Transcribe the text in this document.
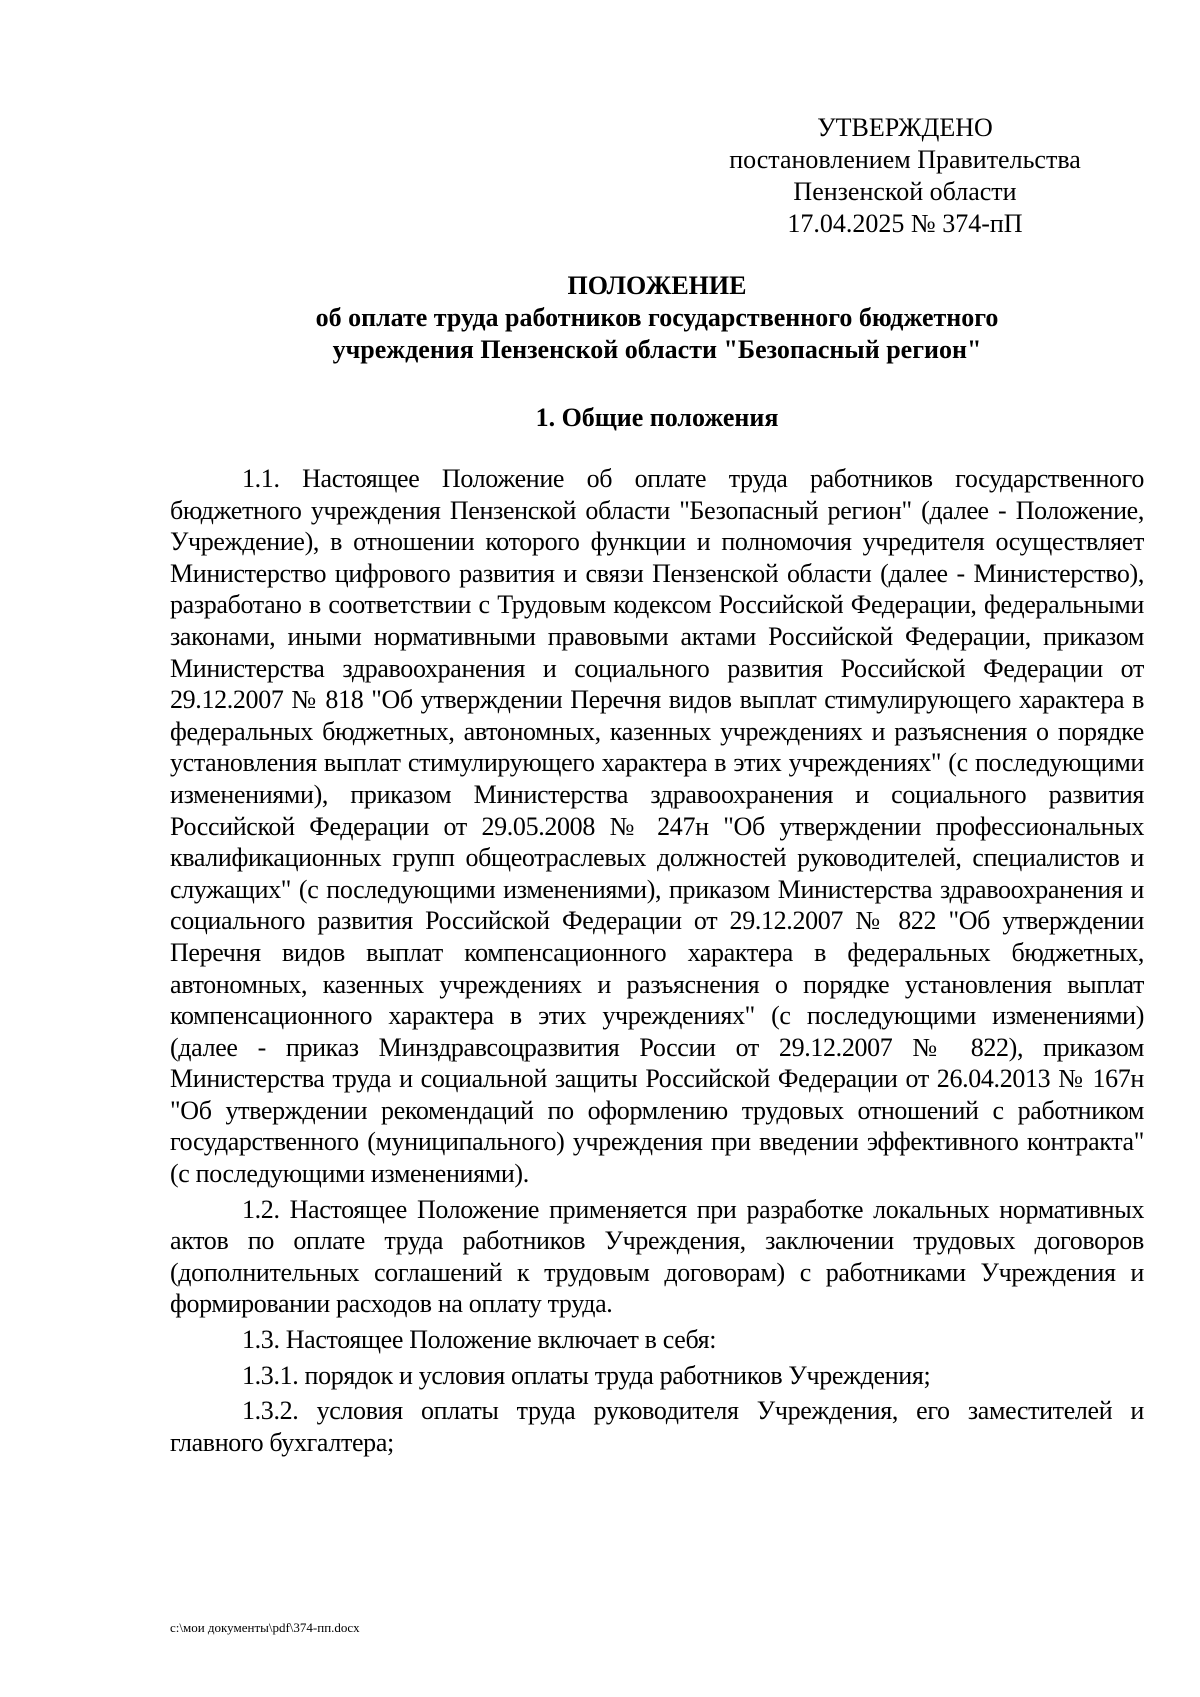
УТВЕРЖДЕНО
постановлением Правительства
Пензенской области
17.04.2025 № 374-пП
ПОЛОЖЕНИЕ
об оплате труда работников государственного бюджетного
учреждения Пензенской области "Безопасный регион"
1. Общие положения

1.1. Настоящее Положение об оплате труда работников государственного бюджетного учреждения Пензенской области "Безопасный регион" (далее - Положение, Учреждение), в отношении которого функции и полномочия учредителя осуществляет Министерство цифрового развития и связи Пензенской области (далее - Министерство), разработано в соответствии с Трудовым кодексом Российской Федерации, федеральными законами, иными нормативными правовыми актами Российской Федерации, приказом Министерства здравоохранения и социального развития Российской Федерации от 29.12.2007 № 818 "Об утверждении Перечня видов выплат стимулирующего характера в федеральных бюджетных, автономных, казенных учреждениях и разъяснения о порядке установления выплат стимулирующего характера в этих учреждениях" (с последующими изменениями), приказом Министерства здравоохранения и социального развития Российской Федерации от 29.05.2008 № 247н "Об утверждении профессиональных квалификационных групп общеотраслевых должностей руководителей, специалистов и служащих" (с последующими изменениями), приказом Министерства здравоохранения и социального развития Российской Федерации от 29.12.2007 № 822 "Об утверждении Перечня видов выплат компенсационного характера в федеральных бюджетных, автономных, казенных учреждениях и разъяснения о порядке установления выплат компенсационного характера в этих учреждениях" (с последующими изменениями) (далее - приказ Минздравсоцразвития России от 29.12.2007 № 822), приказом Министерства труда и социальной защиты Российской Федерации от 26.04.2013 № 167н "Об утверждении рекомендаций по оформлению трудовых отношений с работником государственного (муниципального) учреждения при введении эффективного контракта" (с последующими изменениями).

1.2. Настоящее Положение применяется при разработке локальных нормативных актов по оплате труда работников Учреждения, заключении трудовых договоров (дополнительных соглашений к трудовым договорам) с работниками Учреждения и формировании расходов на оплату труда.

1.3. Настоящее Положение включает в себя:

1.3.1. порядок и условия оплаты труда работников Учреждения;

1.3.2. условия оплаты труда руководителя Учреждения, его заместителей и главного бухгалтера;

c:\мои документы\pdf\374-пп.docx
